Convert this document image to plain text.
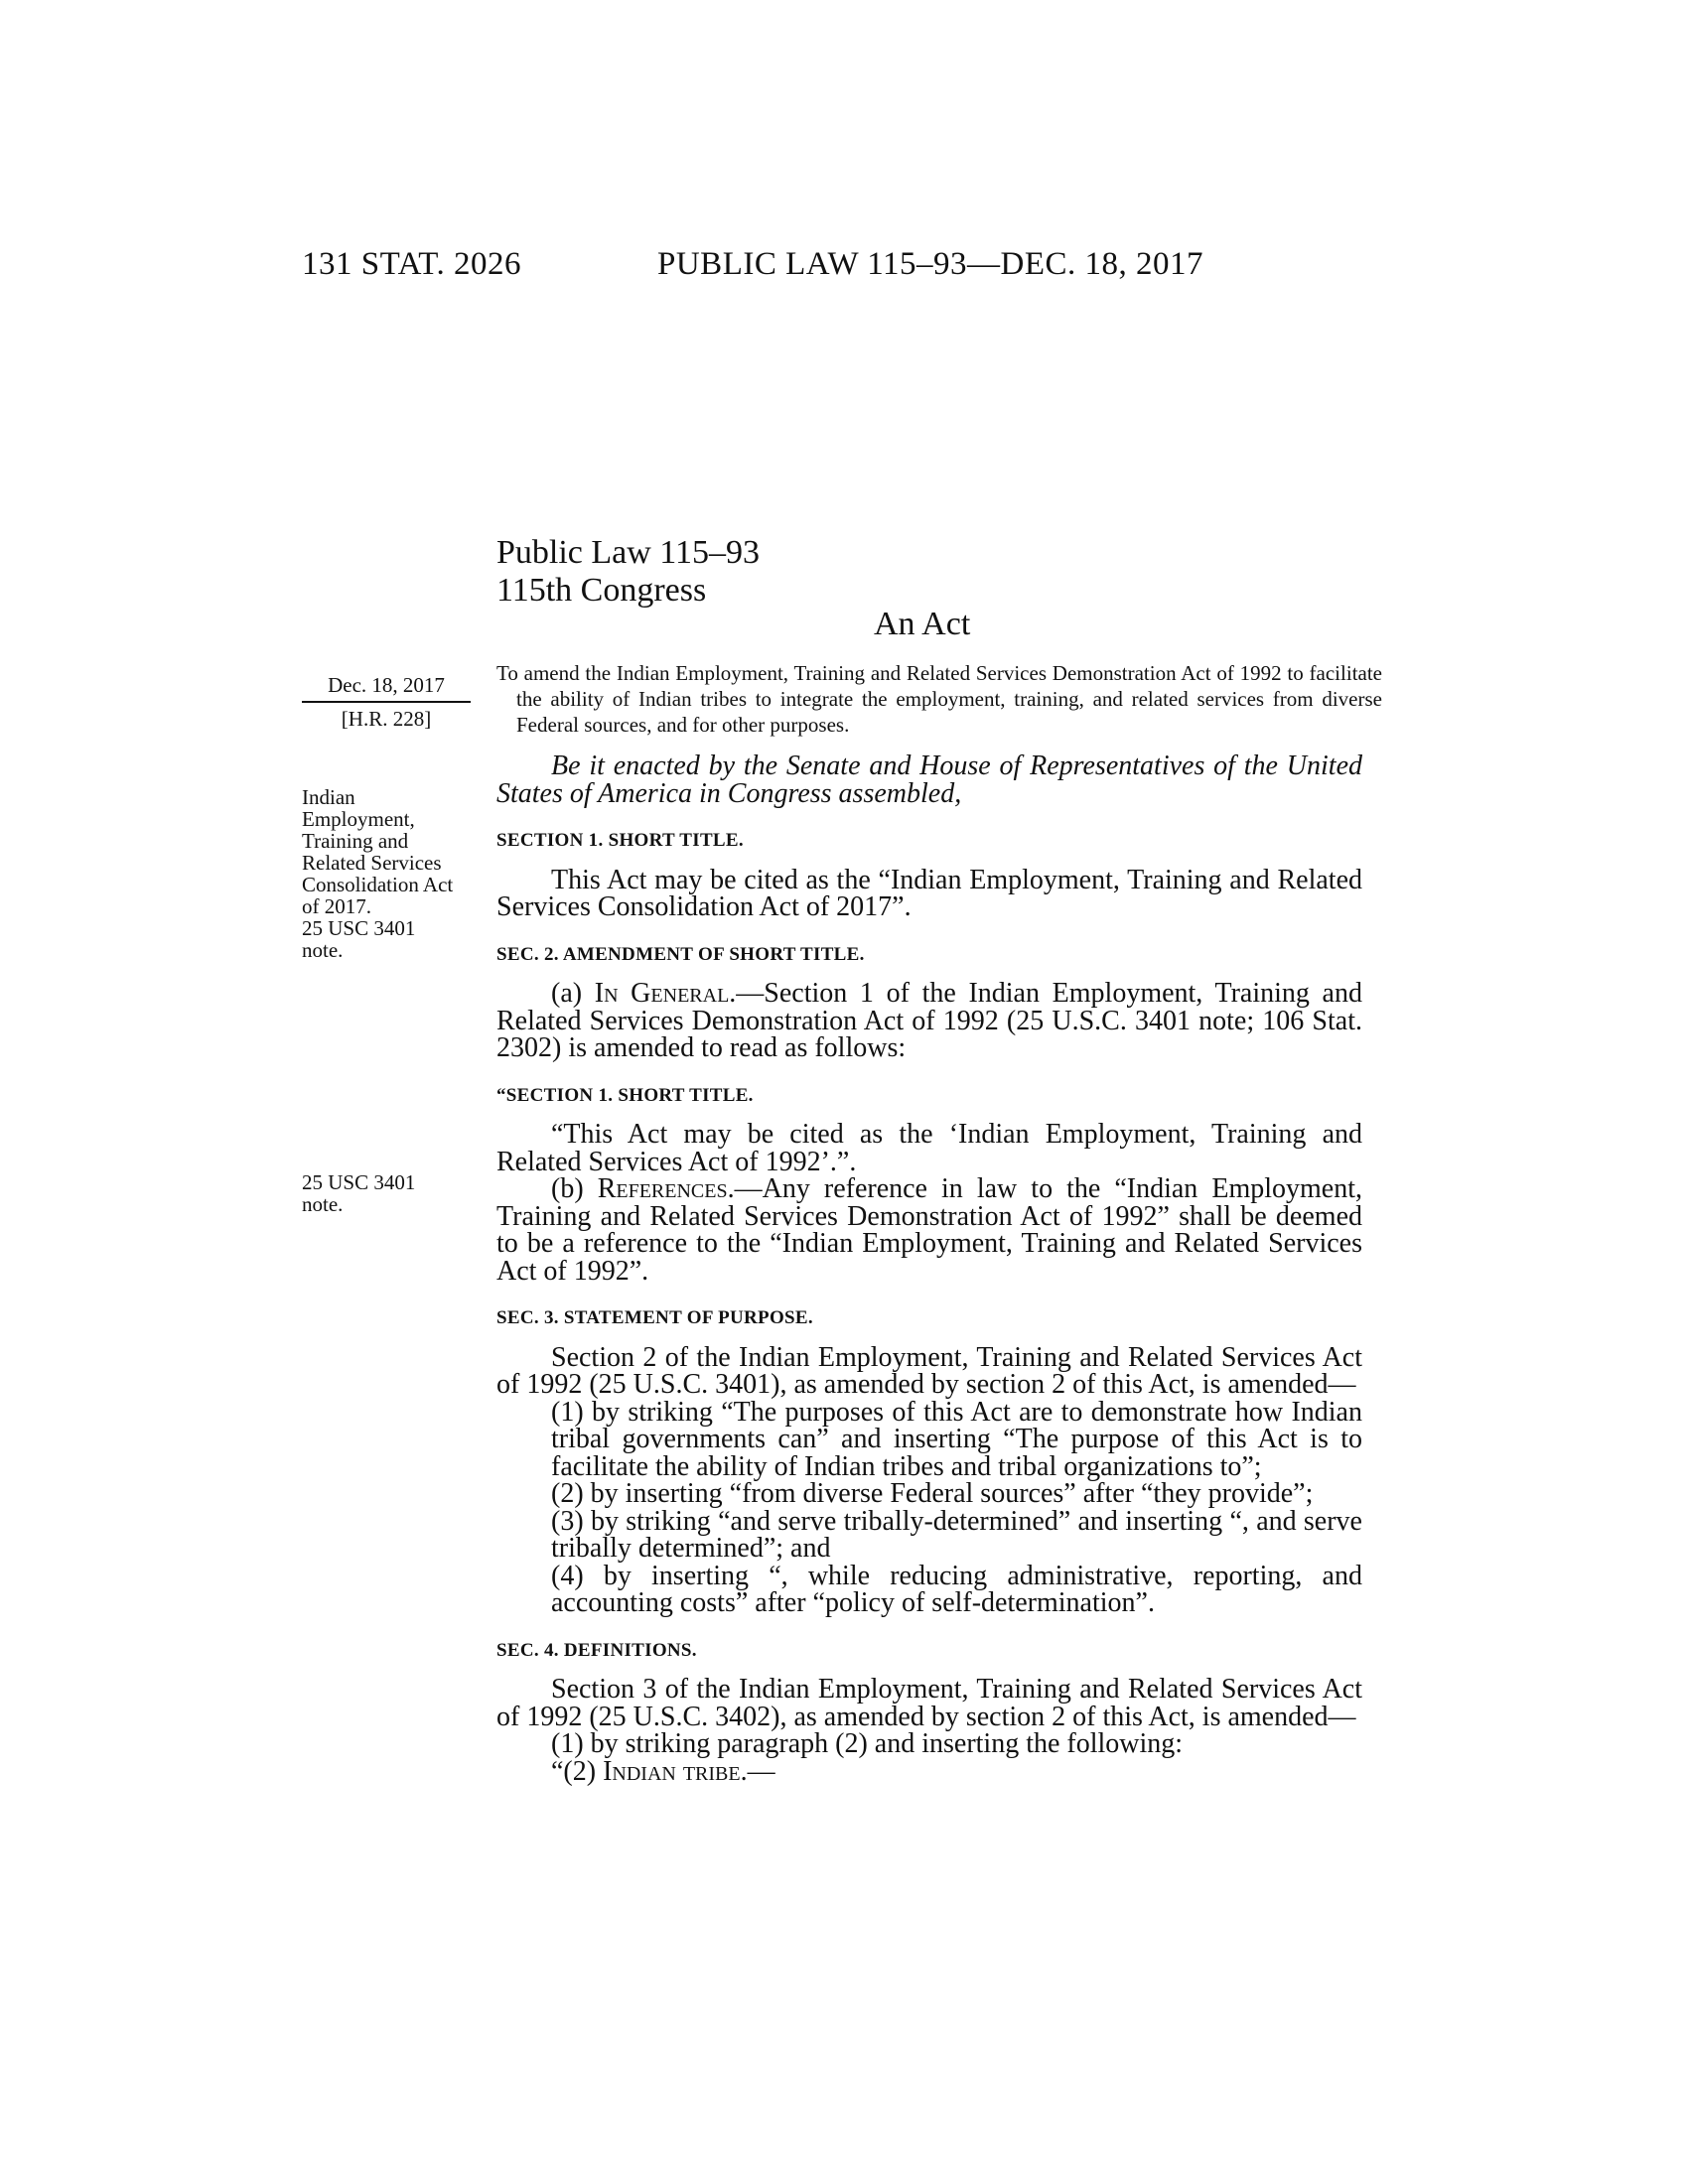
131 STAT. 2026	PUBLIC LAW 115–93—DEC. 18, 2017
Public Law 115–93
115th Congress
An Act
To amend the Indian Employment, Training and Related Services Demonstration Act of 1992 to facilitate the ability of Indian tribes to integrate the employment, training, and related services from diverse Federal sources, and for other purposes.
Dec. 18, 2017
[H.R. 228]
Indian
Employment,
Training and
Related Services
Consolidation Act
of 2017.
25 USC 3401
note.
25 USC 3401
note.

Be it enacted by the Senate and House of Representatives of the United States of America in Congress assembled,

SECTION 1. SHORT TITLE.

This Act may be cited as the “Indian Employment, Training and Related Services Consolidation Act of 2017”.

SEC. 2. AMENDMENT OF SHORT TITLE.

(a) In General.—Section 1 of the Indian Employment, Training and Related Services Demonstration Act of 1992 (25 U.S.C. 3401 note; 106 Stat. 2302) is amended to read as follows:

“SECTION 1. SHORT TITLE.

“This Act may be cited as the ‘Indian Employment, Training and Related Services Act of 1992’.”.

(b) References.—Any reference in law to the “Indian Employment, Training and Related Services Demonstration Act of 1992” shall be deemed to be a reference to the “Indian Employment, Training and Related Services Act of 1992”.

SEC. 3. STATEMENT OF PURPOSE.

Section 2 of the Indian Employment, Training and Related Services Act of 1992 (25 U.S.C. 3401), as amended by section 2 of this Act, is amended—

(1) by striking “The purposes of this Act are to demonstrate how Indian tribal governments can” and inserting “The purpose of this Act is to facilitate the ability of Indian tribes and tribal organizations to”;

(2) by inserting “from diverse Federal sources” after “they provide”;

(3) by striking “and serve tribally-determined” and inserting “, and serve tribally determined”; and

(4) by inserting “, while reducing administrative, reporting, and accounting costs” after “policy of self-determination”.

SEC. 4. DEFINITIONS.

Section 3 of the Indian Employment, Training and Related Services Act of 1992 (25 U.S.C. 3402), as amended by section 2 of this Act, is amended—

(1) by striking paragraph (2) and inserting the following:

“(2) Indian tribe.—
